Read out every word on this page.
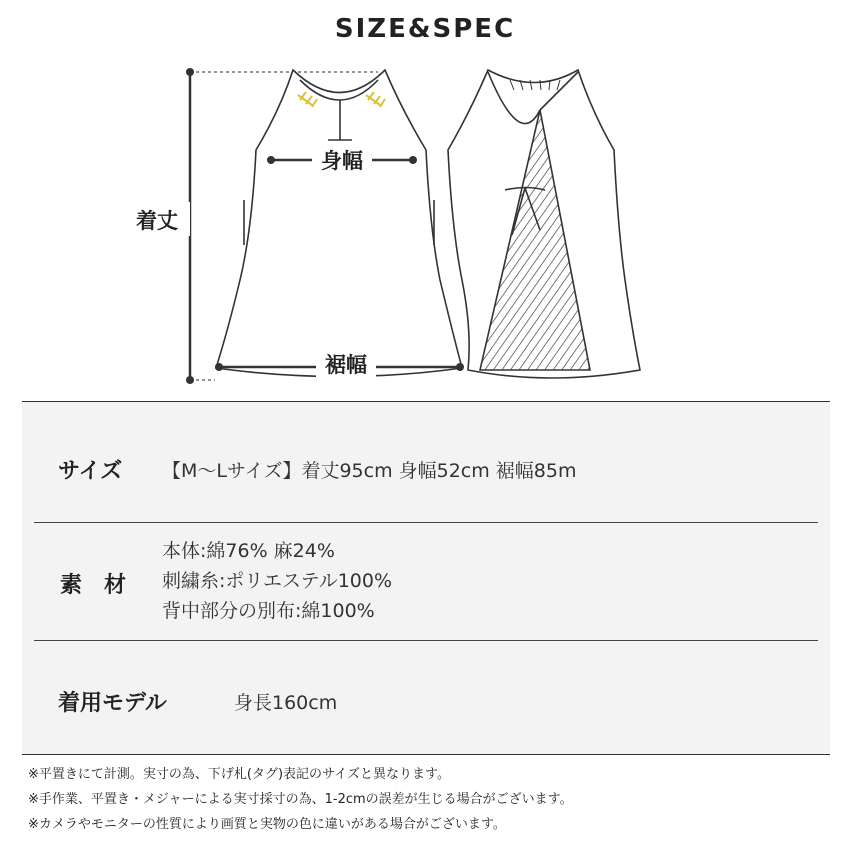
SIZE&SPEC
着丈
身幅
裾幅
サイズ 【M〜Lサイズ】着丈95cm 身幅52cm 裾幅85m
素　材
本体:綿76% 麻24%
刺繍糸:ポリエステル100%
背中部分の別布:綿100%
着用モデル	身長160cm
※平置きにて計測。実寸の為、下げ札(タグ)表記のサイズと異なります。
※手作業、平置き・メジャーによる実寸採寸の為、1-2cmの誤差が生じる場合がございます。
※カメラやモニターの性質により画質と実物の色に違いがある場合がございます。
